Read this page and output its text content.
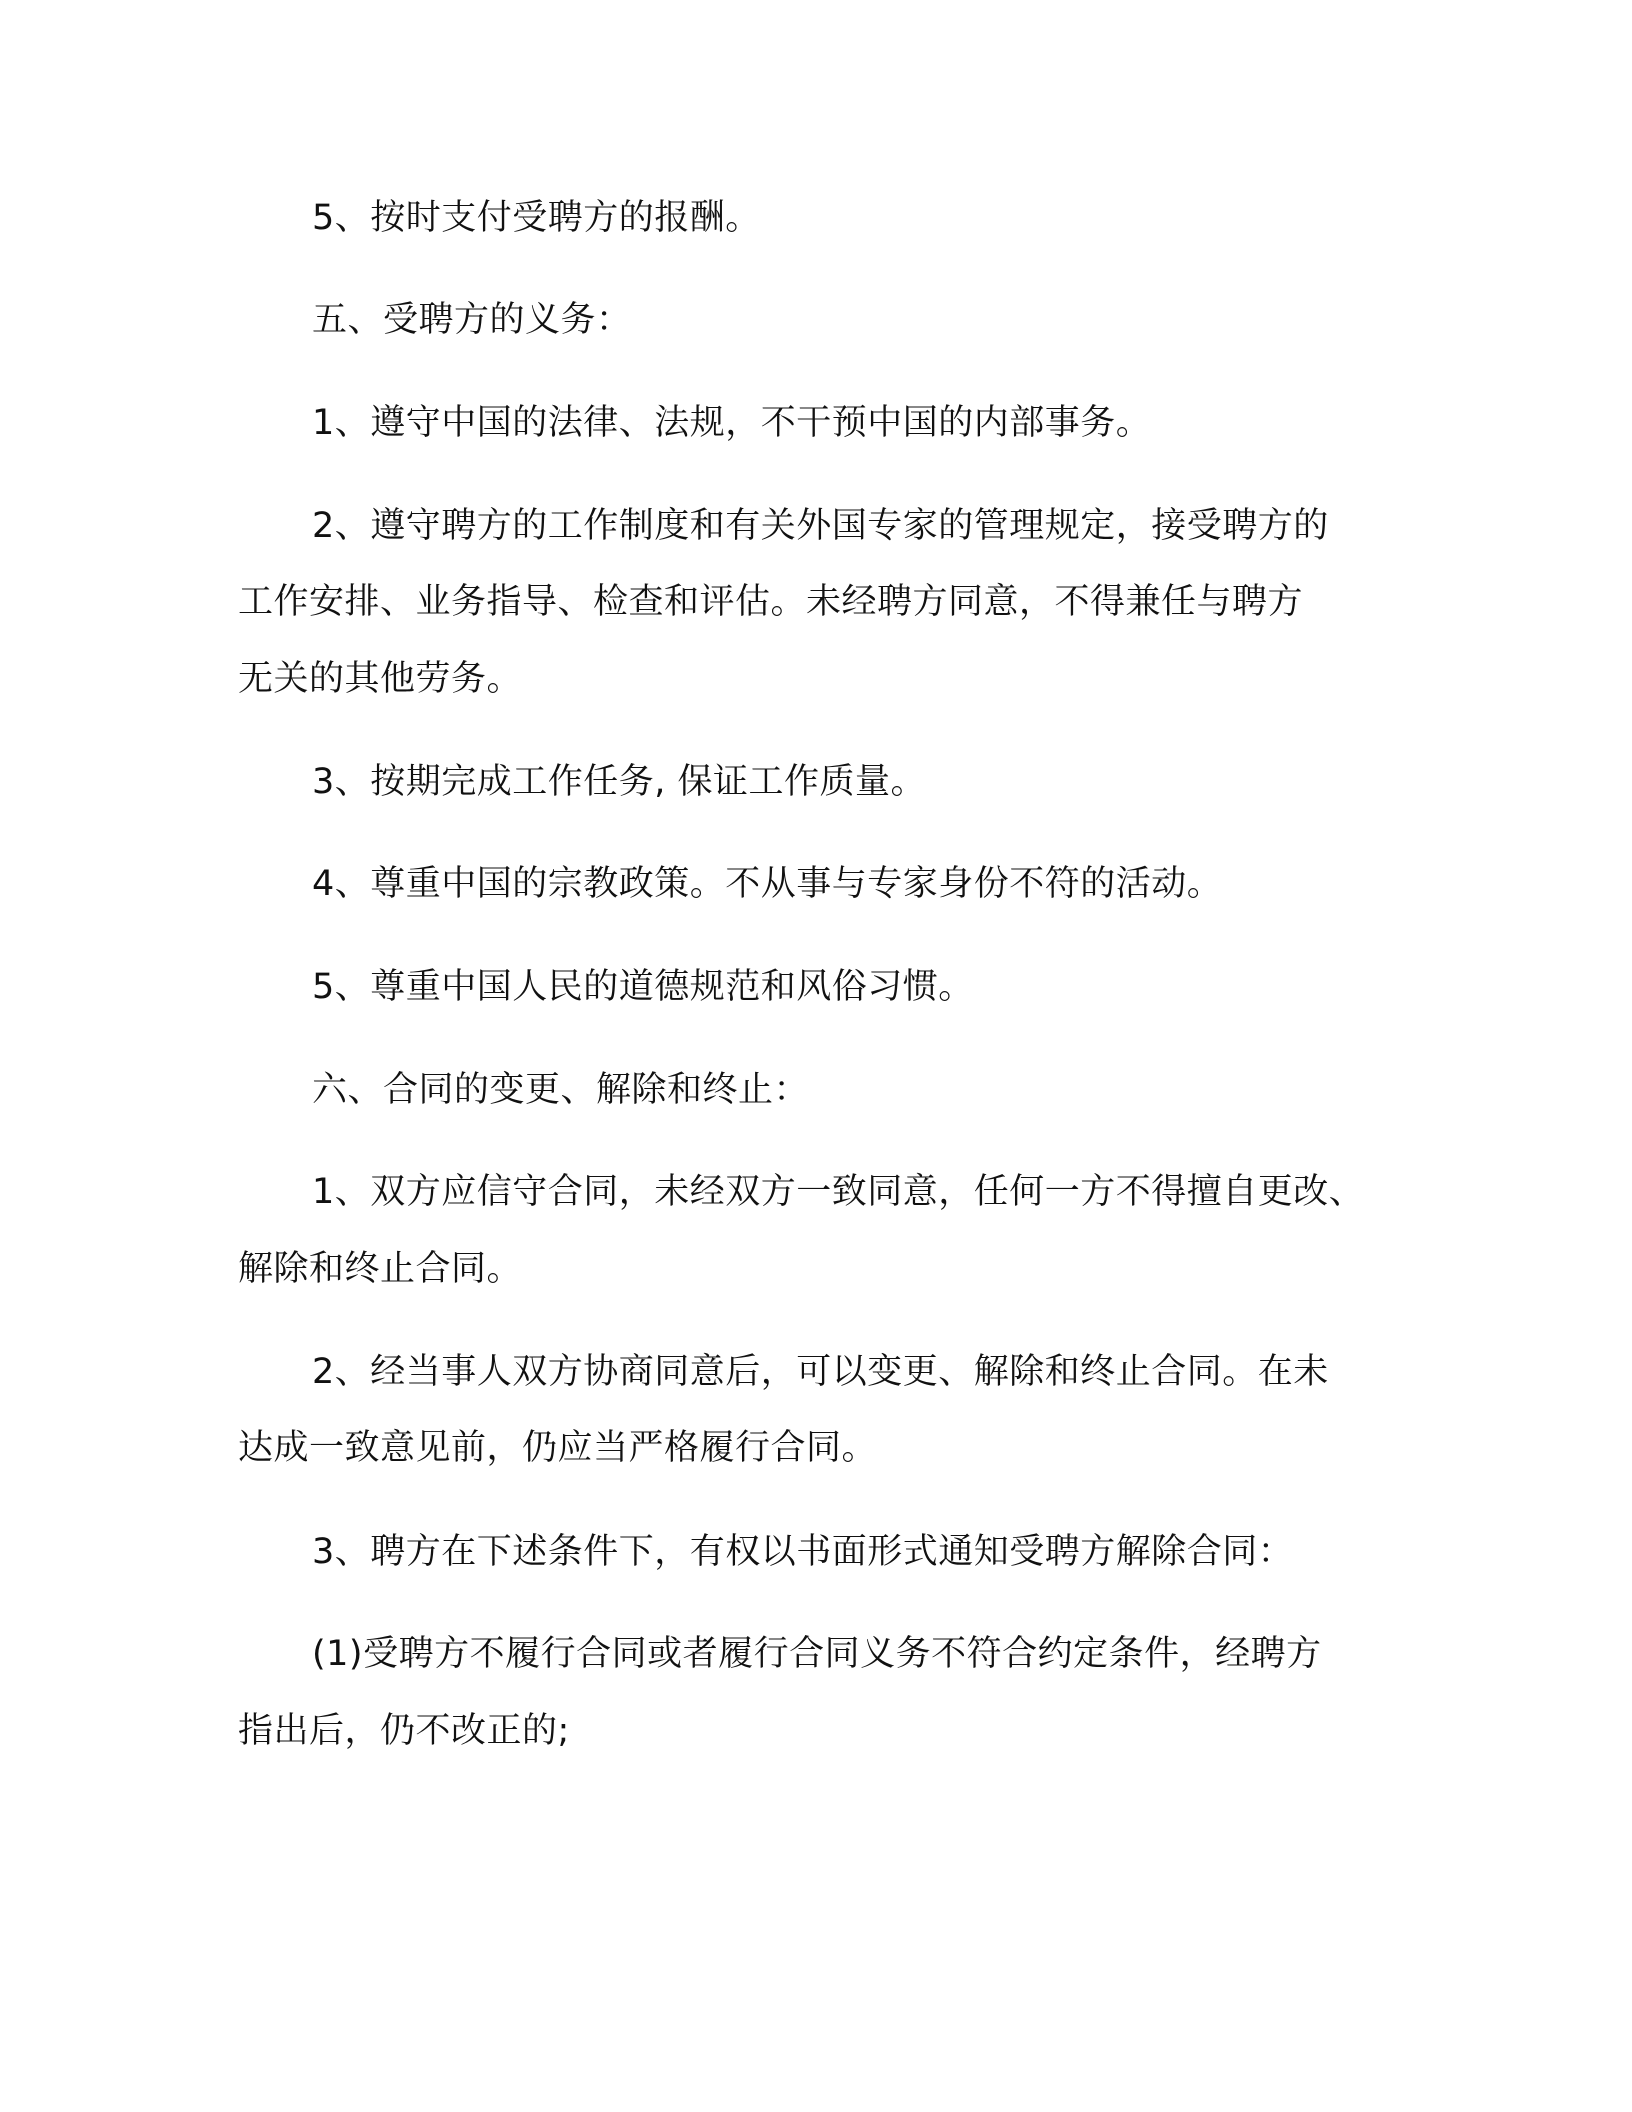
5、按时支付受聘方的报酬。
五、受聘方的义务：
1、遵守中国的法律、法规，不干预中国的内部事务。
2、遵守聘方的工作制度和有关外国专家的管理规定，接受聘方的
工作安排、业务指导、检查和评估。未经聘方同意，不得兼任与聘方
无关的其他劳务。
3、按期完成工作任务, 保证工作质量。
4、尊重中国的宗教政策。不从事与专家身份不符的活动。
5、尊重中国人民的道德规范和风俗习惯。
六、合同的变更、解除和终止：
1、双方应信守合同，未经双方一致同意，任何一方不得擅自更改、
解除和终止合同。
2、经当事人双方协商同意后，可以变更、解除和终止合同。在未
达成一致意见前，仍应当严格履行合同。
3、聘方在下述条件下，有权以书面形式通知受聘方解除合同：
(1)受聘方不履行合同或者履行合同义务不符合约定条件，经聘方
指出后，仍不改正的;
